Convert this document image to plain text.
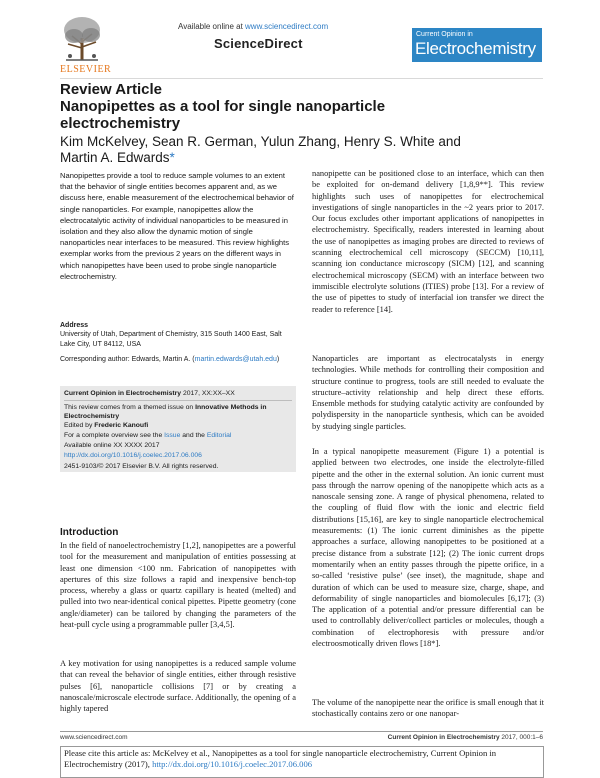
ELSEVIER
Available online at www.sciencedirect.com
ScienceDirect
Current Opinion in
Electrochemistry
Review Article
Nanopipettes as a tool for single nanoparticle electrochemistry
Kim McKelvey, Sean R. German, Yulun Zhang, Henry S. White and Martin A. Edwards*

Nanopipettes provide a tool to reduce sample volumes to an extent that the behavior of single entities becomes apparent and, as we discuss here, enable measurement of the electrochemical behavior of single nanoparticles. For example, nanopipettes allow the electrocatalytic activity of individual nanoparticles to be measured in isolation and they also allow the dynamic motion of single nanoparticles near interfaces to be measured. This review highlights exemplar works from the previous 2 years on the different ways in which nanopipettes have been used to probe single nanoparticle electrochemistry.

Address
University of Utah, Department of Chemistry, 315 South 1400 East, Salt Lake City, UT 84112, USA
Corresponding author: Edwards, Martin A. (martin.edwards@utah.edu)
Current Opinion in Electrochemistry 2017, XX:XX–XX
This review comes from a themed issue on Innovative Methods in Electrochemistry
Edited by Frederic Kanoufi
For a complete overview see the Issue and the Editorial
Available online XX XXXX 2017
http://dx.doi.org/10.1016/j.coelec.2017.06.006
2451-9103/© 2017 Elsevier B.V. All rights reserved.
Introduction

In the field of nanoelectrochemistry [1,2], nanopipettes are a powerful tool for the measurement and manipulation of entities possessing at least one dimension <100 nm. Fabrication of nanopipettes with apertures of this size follows a rapid and inexpensive bench-top process, whereby a glass or quartz capillary is heated (melted) and pulled into two near-identical conical pipettes. Pipette geometry (cone angle/diameter) can be tailored by changing the parameters of the heat-pull cycle using a programmable puller [3,4,5].

A key motivation for using nanopipettes is a reduced sample volume that can reveal the behavior of single entities, either through resistive pulses [6], nanoparticle collisions [7] or by creating a nanoscale/microscale electrode surface. Additionally, the opening of a highly tapered

nanopipette can be positioned close to an interface, which can then be exploited for on-demand delivery [1,8,9**]. This review highlights such uses of nanopipettes for electrochemical investigations of single nanoparticles in the ~2 years prior to 2017. Our focus excludes other important applications of nanopipettes in electrochemistry. Specifically, readers interested in learning about the use of nanopipettes as imaging probes are directed to reviews of scanning electrochemical cell microscopy (SECCM) [10,11], scanning ion conductance microscopy (SICM) [12], and scanning electrochemical microscopy (SECM) with an interface between two immiscible electrolyte solutions (ITIES) probe [13]. For a review of the use of pipettes to study of interfacial ion transfer we direct the reader to reference [14].

Nanoparticles are important as electrocatalysts in energy technologies. While methods for controlling their composition and structure continue to progress, tools are still needed to evaluate the structure–activity relationship and help direct these efforts. Ensemble methods for studying catalytic activity are confounded by polydispersity in the nanoparticle synthesis, which can be avoided by studying single particles.

In a typical nanopipette measurement (Figure 1) a potential is applied between two electrodes, one inside the electrolyte-filled pipette and the other in the external solution. An ionic current must pass through the narrow opening of the nanopipette which acts as a nanoscale sensing zone. A range of physical phenomena, related to the coupling of fluid flow with the ionic and electric field distributions [15,16], are key to single nanoparticle electrochemical measurements: (1) The ionic current diminishes as the pipette approaches a surface, allowing nanopipettes to be positioned at a precise distance from a substrate [12]; (2) The ionic current drops momentarily when an entity passes through the pipette orifice, in a so-called ‘resistive pulse’ (see inset), the magnitude, shape and duration of which can be used to measure size, charge, shape, and deformability of single nanoparticles and biomolecules [6,17]; (3) The application of a potential and/or pressure differential can be used to controllably deliver/collect particles or molecules, though a combination of electrophoresis with pressure and/or electroosmotically driven flows [18*].

The volume of the nanopipette near the orifice is small enough that it stochastically contains zero or one nanopar-

www.sciencedirect.com	Current Opinion in Electrochemistry 2017, 000:1–6
Please cite this article as: McKelvey et al., Nanopipettes as a tool for single nanoparticle electrochemistry, Current Opinion in Electrochemistry (2017), http://dx.doi.org/10.1016/j.coelec.2017.06.006
